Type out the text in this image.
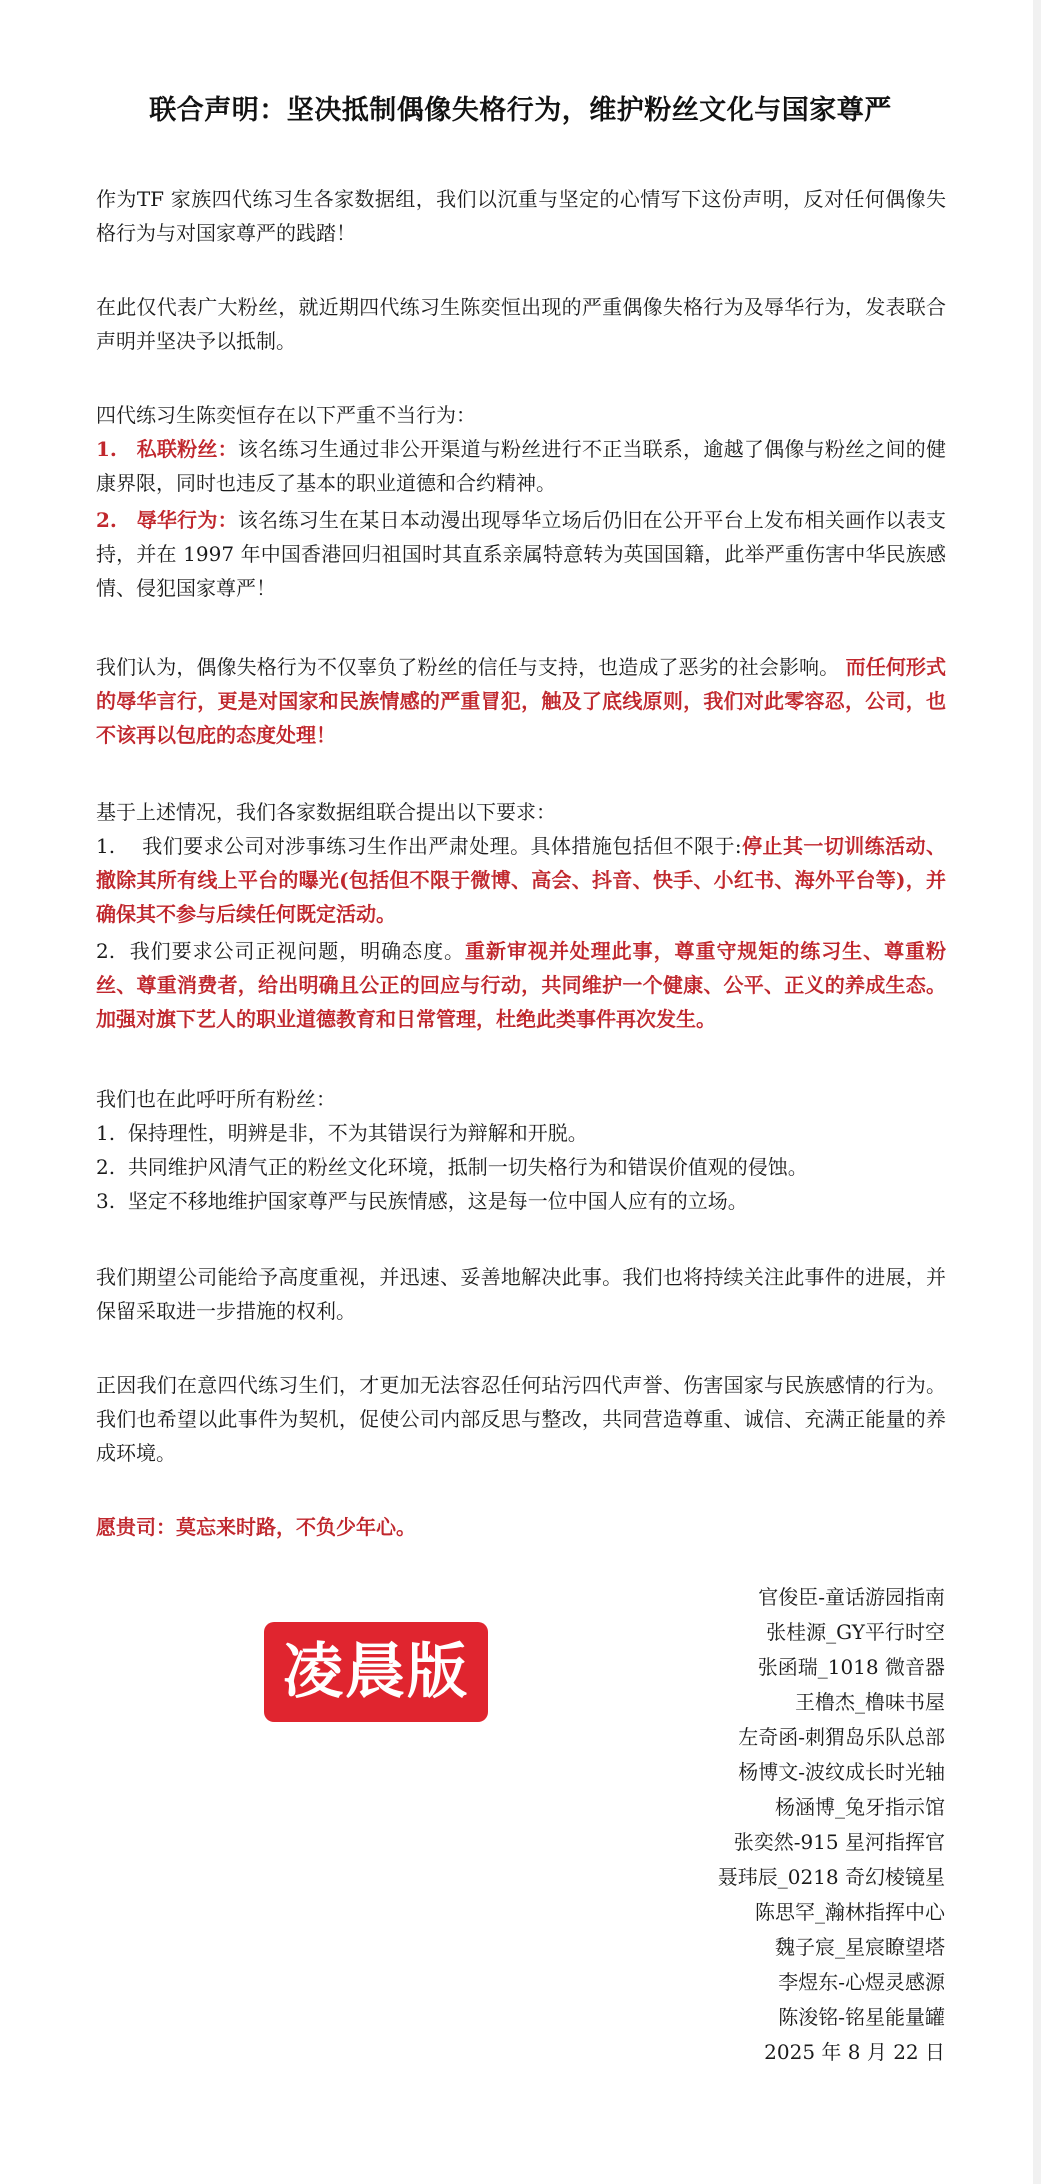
联合声明：坚决抵制偶像失格行为，维护粉丝文化与国家尊严
作为TF 家族四代练习生各家数据组，我们以沉重与坚定的心情写下这份声明，反对任何偶像失格行为与对国家尊严的践踏！
在此仅代表广大粉丝，就近期四代练习生陈奕恒出现的严重偶像失格行为及辱华行为，发表联合声明并坚决予以抵制。
四代练习生陈奕恒存在以下严重不当行为：
1. 私联粉丝：该名练习生通过非公开渠道与粉丝进行不正当联系，逾越了偶像与粉丝之间的健康界限，同时也违反了基本的职业道德和合约精神。
2. 辱华行为：该名练习生在某日本动漫出现辱华立场后仍旧在公开平台上发布相关画作以表支持，并在 1997 年中国香港回归祖国时其直系亲属特意转为英国国籍，此举严重伤害中华民族感情、侵犯国家尊严！
我们认为，偶像失格行为不仅辜负了粉丝的信任与支持，也造成了恶劣的社会影响。 而任何形式的辱华言行，更是对国家和民族情感的严重冒犯，触及了底线原则，我们对此零容忍，公司，也不该再以包庇的态度处理！
基于上述情况，我们各家数据组联合提出以下要求：
1. 我们要求公司对涉事练习生作出严肃处理。具体措施包括但不限于:停止其一切训练活动、撤除其所有线上平台的曝光(包括但不限于微博、高会、抖音、快手、小红书、海外平台等)，并确保其不参与后续任何既定活动。
2. 我们要求公司正视问题，明确态度。重新审视并处理此事，尊重守规矩的练习生、尊重粉丝、尊重消费者，给出明确且公正的回应与行动，共同维护一个健康、公平、正义的养成生态。加强对旗下艺人的职业道德教育和日常管理，杜绝此类事件再次发生。
我们也在此呼吁所有粉丝：
1. 保持理性，明辨是非，不为其错误行为辩解和开脱。
2. 共同维护风清气正的粉丝文化环境，抵制一切失格行为和错误价值观的侵蚀。
3. 坚定不移地维护国家尊严与民族情感，这是每一位中国人应有的立场。
我们期望公司能给予高度重视，并迅速、妥善地解决此事。我们也将持续关注此事件的进展，并保留采取进一步措施的权利。
正因我们在意四代练习生们，才更加无法容忍任何玷污四代声誉、伤害国家与民族感情的行为。我们也希望以此事件为契机，促使公司内部反思与整改，共同营造尊重、诚信、充满正能量的养成环境。
愿贵司：莫忘来时路，不负少年心。
凌晨版
官俊臣-童话游园指南
张桂源_GY平行时空
张函瑞_1018 微音器
王橹杰_橹味书屋
左奇函-刺猬岛乐队总部
杨博文-波纹成长时光轴
杨涵博_兔牙指示馆
张奕然-915 星河指挥官
聂玮辰_0218 奇幻棱镜星
陈思罕_瀚林指挥中心
魏子宸_星宸瞭望塔
李煜东-心煜灵感源
陈浚铭-铭星能量罐
2025 年 8 月 22 日
